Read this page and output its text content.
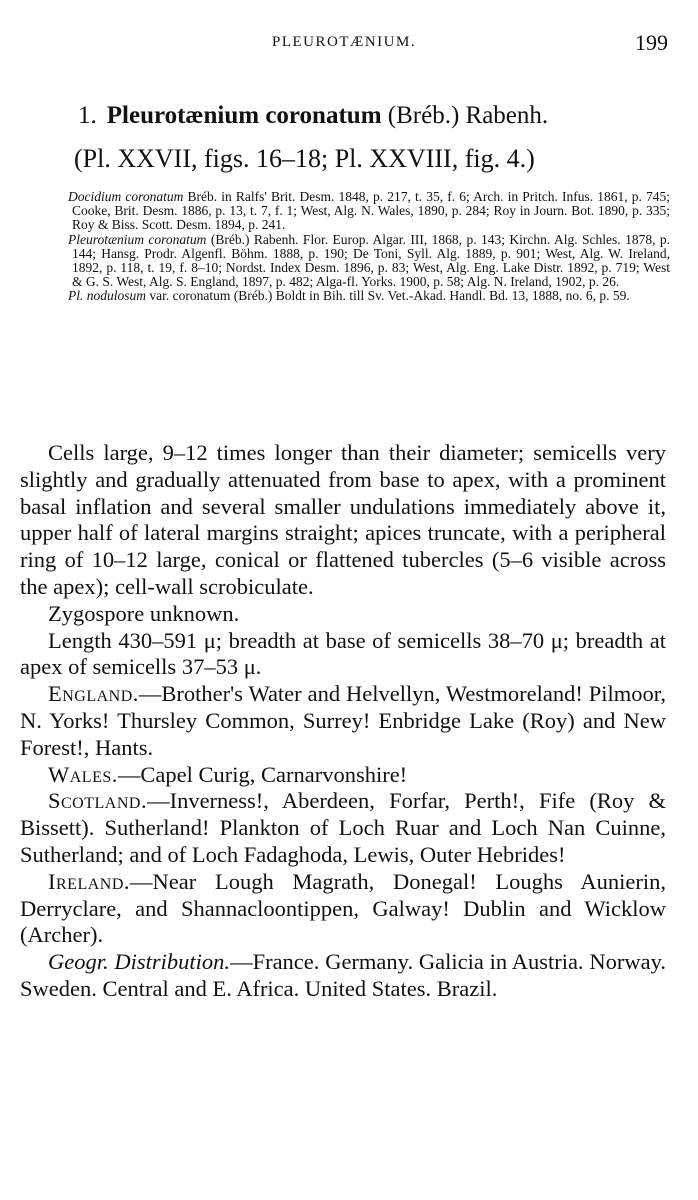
PLEUROTÆNIUM.	199
1. Pleurotænium coronatum (Bréb.) Rabenh.
(Pl. XXVII, figs. 16–18; Pl. XXVIII, fig. 4.)

Docidium coronatum Bréb. in Ralfs' Brit. Desm. 1848, p. 217, t. 35, f. 6; Arch. in Pritch. Infus. 1861, p. 745; Cooke, Brit. Desm. 1886, p. 13, t. 7, f. 1; West, Alg. N. Wales, 1890, p. 284; Roy in Journ. Bot. 1890, p. 335; Roy & Biss. Scott. Desm. 1894, p. 241.

Pleurotænium coronatum (Bréb.) Rabenh. Flor. Europ. Algar. III, 1868, p. 143; Kirchn. Alg. Schles. 1878, p. 144; Hansg. Prodr. Algenfl. Böhm. 1888, p. 190; De Toni, Syll. Alg. 1889, p. 901; West, Alg. W. Ireland, 1892, p. 118, t. 19, f. 8–10; Nordst. Index Desm. 1896, p. 83; West, Alg. Eng. Lake Distr. 1892, p. 719; West & G. S. West, Alg. S. England, 1897, p. 482; Alga-fl. Yorks. 1900, p. 58; Alg. N. Ireland, 1902, p. 26.

Pl. nodulosum var. coronatum (Bréb.) Boldt in Bih. till Sv. Vet.-Akad. Handl. Bd. 13, 1888, no. 6, p. 59.

Cells large, 9–12 times longer than their diameter; semicells very slightly and gradually attenuated from base to apex, with a prominent basal inflation and several smaller undulations immediately above it, upper half of lateral margins straight; apices truncate, with a peripheral ring of 10–12 large, conical or flattened tubercles (5–6 visible across the apex); cell-wall scrobiculate.

Zygospore unknown.

Length 430–591 μ; breadth at base of semicells 38–70 μ; breadth at apex of semicells 37–53 μ.

England.—Brother's Water and Helvellyn, Westmoreland! Pilmoor, N. Yorks! Thursley Common, Surrey! Enbridge Lake (Roy) and New Forest!, Hants.

Wales.—Capel Curig, Carnarvonshire!

Scotland.—Inverness!, Aberdeen, Forfar, Perth!, Fife (Roy & Bissett). Sutherland! Plankton of Loch Ruar and Loch Nan Cuinne, Sutherland; and of Loch Fadaghoda, Lewis, Outer Hebrides!

Ireland.—Near Lough Magrath, Donegal! Loughs Aunierin, Derryclare, and Shannacloontippen, Galway! Dublin and Wicklow (Archer).

Geogr. Distribution.—France. Germany. Galicia in Austria. Norway. Sweden. Central and E. Africa. United States. Brazil.
